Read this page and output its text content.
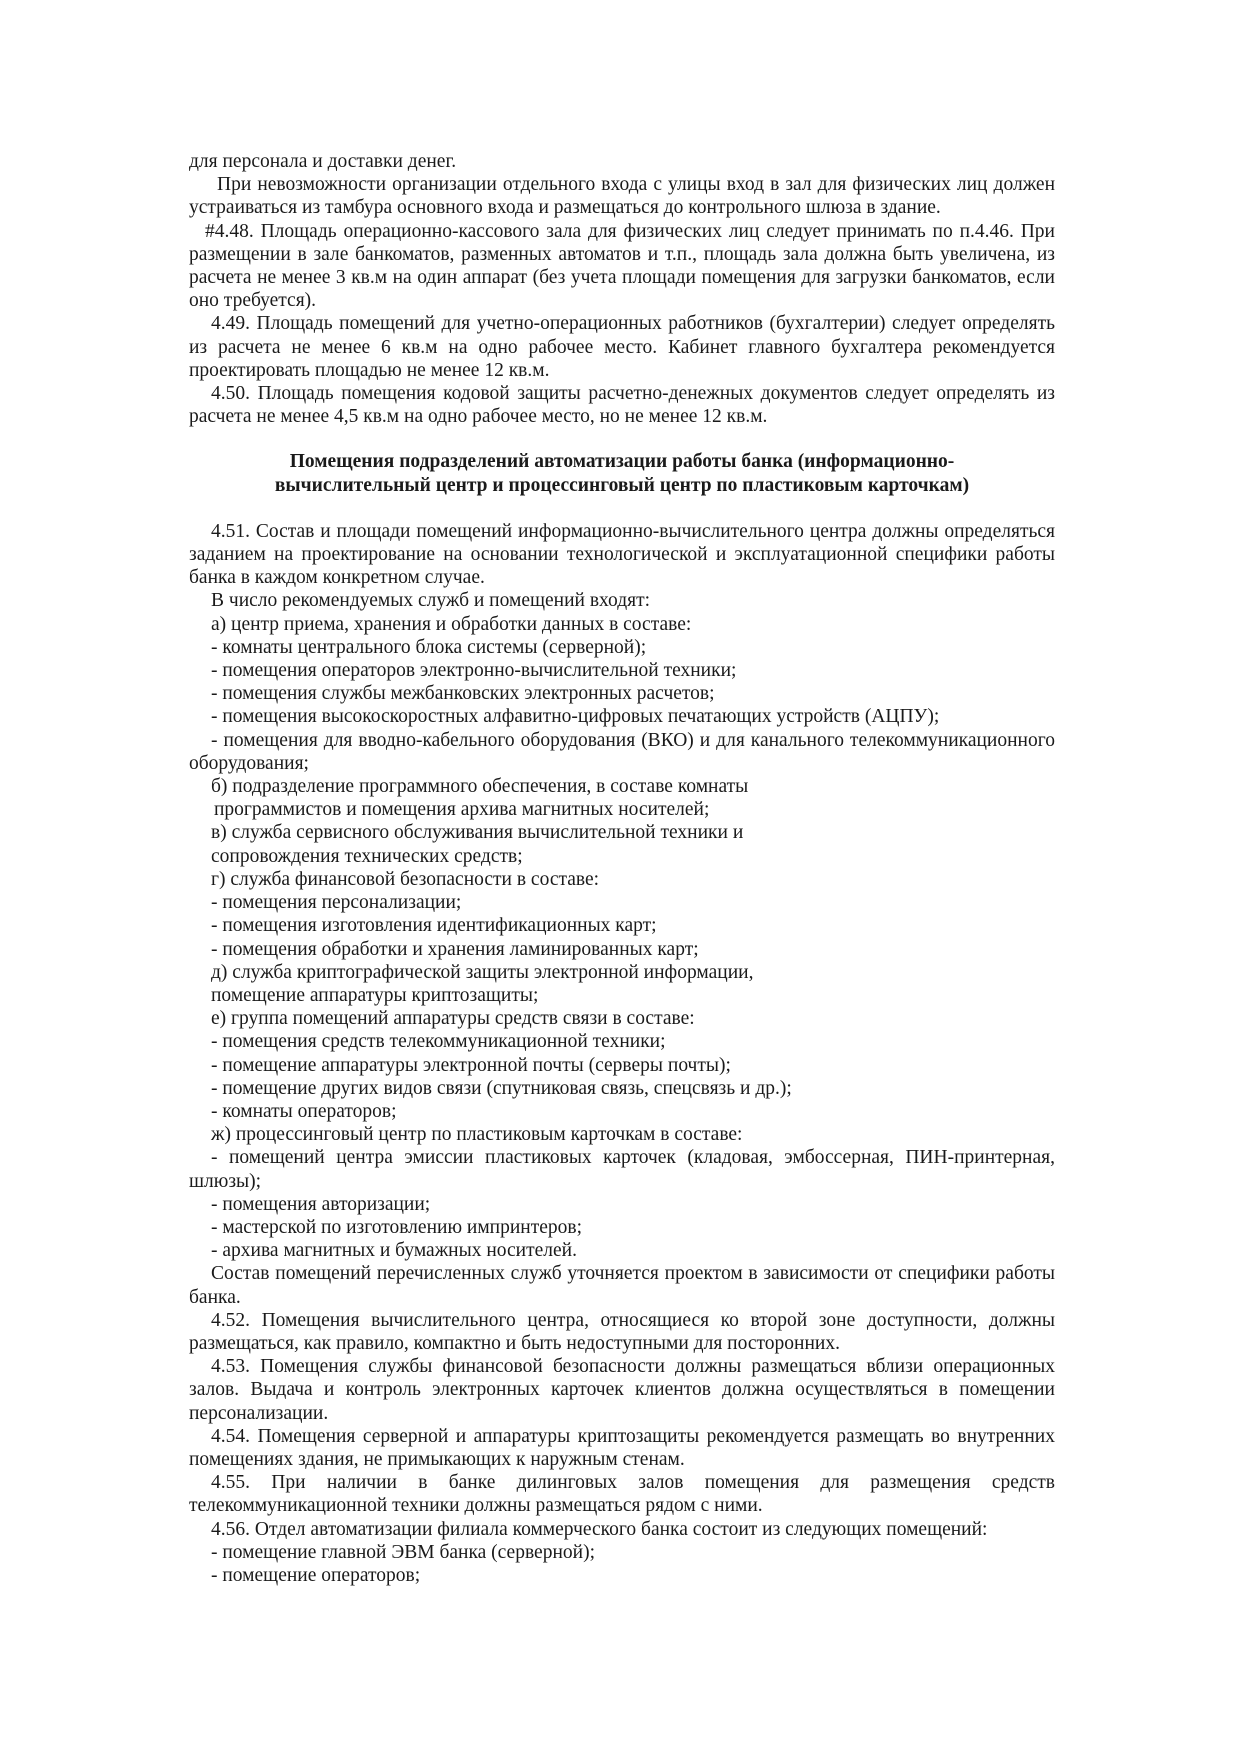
для персонала и доставки денег.

При невозможности организации отдельного входа с улицы вход в зал для физических лиц должен устраиваться из тамбура основного входа и размещаться до контрольного шлюза в здание.

#4.48. Площадь операционно-кассового зала для физических лиц следует принимать по п.4.46. При размещении в зале банкоматов, разменных автоматов и т.п., площадь зала должна быть увеличена, из расчета не менее 3 кв.м на один аппарат (без учета площади помещения для загрузки банкоматов, если оно требуется).

4.49. Площадь помещений для учетно-операционных работников (бухгалтерии) следует определять из расчета не менее 6 кв.м на одно рабочее место. Кабинет главного бухгалтера рекомендуется проектировать площадью не менее 12 кв.м.

4.50. Площадь помещения кодовой защиты расчетно-денежных документов следует определять из расчета не менее 4,5 кв.м на одно рабочее место, но не менее 12 кв.м.

Помещения подразделений автоматизации работы банка (информационно-вычислительный центр и процессинговый центр по пластиковым карточкам)

4.51. Состав и площади помещений информационно-вычислительного центра должны определяться заданием на проектирование на основании технологической и эксплуатационной специфики работы банка в каждом конкретном случае.

В число рекомендуемых служб и помещений входят:

а) центр приема, хранения и обработки данных в составе:

- комнаты центрального блока системы (серверной);

- помещения операторов электронно-вычислительной техники;

- помещения службы межбанковских электронных расчетов;

- помещения высокоскоростных алфавитно-цифровых печатающих устройств (АЦПУ);

- помещения для вводно-кабельного оборудования (ВКО) и для канального телекоммуникационного оборудования;

б) подразделение программного обеспечения, в составе комнаты

программистов и помещения архива магнитных носителей;

в) служба сервисного обслуживания вычислительной техники и

сопровождения технических средств;

г) служба финансовой безопасности в составе:

- помещения персонализации;

- помещения изготовления идентификационных карт;

- помещения обработки и хранения ламинированных карт;

д) служба криптографической защиты электронной информации,

помещение аппаратуры криптозащиты;

е) группа помещений аппаратуры средств связи в составе:

- помещения средств телекоммуникационной техники;

- помещение аппаратуры электронной почты (серверы почты);

- помещение других видов связи (спутниковая связь, спецсвязь и др.);

- комнаты операторов;

ж) процессинговый центр по пластиковым карточкам в составе:

- помещений центра эмиссии пластиковых карточек (кладовая, эмбоссерная, ПИН-принтерная, шлюзы);

- помещения авторизации;

- мастерской по изготовлению импринтеров;

- архива магнитных и бумажных носителей.

Состав помещений перечисленных служб уточняется проектом в зависимости от специфики работы банка.

4.52. Помещения вычислительного центра, относящиеся ко второй зоне доступности, должны размещаться, как правило, компактно и быть недоступными для посторонних.

4.53. Помещения службы финансовой безопасности должны размещаться вблизи операционных залов. Выдача и контроль электронных карточек клиентов должна осуществляться в помещении персонализации.

4.54. Помещения серверной и аппаратуры криптозащиты рекомендуется размещать во внутренних помещениях здания, не примыкающих к наружным стенам.

4.55. При наличии в банке дилинговых залов помещения для размещения средств телекоммуникационной техники должны размещаться рядом с ними.

4.56. Отдел автоматизации филиала коммерческого банка состоит из следующих помещений:

- помещение главной ЭВМ банка (серверной);

- помещение операторов;
